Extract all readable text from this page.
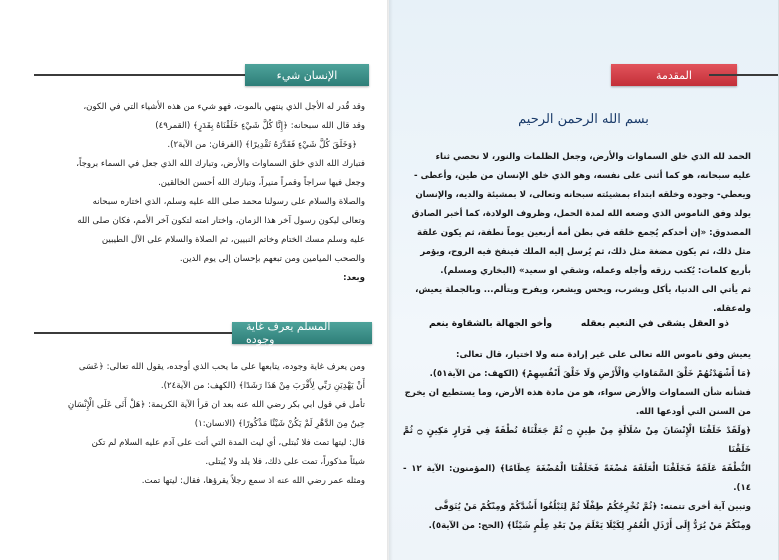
الإنسان شيء

وقد قُدر له الأجل الذي ينتهي بالموت، فهو شيء من هذه الأشياء التي في الكون،

وقد قال الله سبحانه: ﴿إِنَّا كُلَّ شَيْءٍ خَلَقْنَاهُ بِقَدَرٍ﴾ (القمر٤٩)

﴿وَخَلَقَ كُلَّ شَيْءٍ فَقَدَّرَهُ تَقْدِيرًا﴾ (الفرقان: من الآية٢).

فتبارك الله الذي خلق السماوات والأرض، وتبارك الله الذي جعل في السماء بروجاً،

وجعل فيها سراجاً وقمراً منيراً، وتبارك الله أحسن الخالقين.

والصلاة والسلام على رسولنا محمد صلى الله عليه وسلم، الذي اختاره سبحانه

وتعالى ليكون رسول آخر هذا الزمان، واختار امته لتكون آخر الأمم، فكان صلى الله

عليه وسلم مسك الختام وخاتم النبيين، ثم الصلاة والسلام على الآل الطيبين

والصحب الميامين ومن تبعهم بإحسان إلى يوم الدين.

وبعد:

المسلم يعرف غاية وجوده

ومن يعرف غاية وجوده، يتابعها على ما يحب الذي أوجده، يقول الله تعالى: ﴿عَسَى

أَنْ يَهْدِيَنِ رَبِّي لِأَقْرَبَ مِنْ هَذَا رَشَدًا﴾ (الكهف: من الآية٢٤).

تأمل في قول ابي بكر رضي الله عنه بعد ان قرأ الآية الكريمة: ﴿هَلْ أَتَى عَلَى الْإِنْسَانِ

حِينٌ مِنَ الدَّهْرِ لَمْ يَكُنْ شَيْئًا مَذْكُورًا﴾ (الانسان:١)

قال: ليتها تمت فلا نُبتلى، أي ليت المدة التي أتت على آدم عليه السلام لم تكن

شيئاً مذكوراً، تمت على ذلك، فلا يلد ولا يُبتلى.

ومثله عمر رضي الله عنه اذ سمع رجلاً يقرؤها، فقال: ليتها تمت.

المقدمة
بسم الله الرحمن الرحيم

الحمد لله الذي خلق السماوات والأرض، وجعل الظلمات والنور، لا نحصي ثناء

عليه سبحانه، هو كما أثنى على نفسه، وهو الذي خلق الإنسان من طين، وأعطى -

ويعطي- وجوده وخلقه ابتداء بمشيئته سبحانه وتعالى، لا بمشيئة والديه، والإنسان

يولد وفق الناموس الذي وضعه الله لمدة الحمل، وظروف الولادة، كما أخبر الصادق

المصدوق: «إن أحدكم يُجمع خلقه في بطن أمه أربعين يوماً نطفة، ثم يكون علقة

مثل ذلك، ثم يكون مضغة مثل ذلك، ثم يُرسل إليه الملك فينفخ فيه الروح، ويؤمر

بأربع كلمات: يُكتب رزقه وأجله وعمله، وشقي او سعيد» (البخاري ومسلم).

ثم يأتي الى الدنيا، يأكل ويشرب، ويحس ويشعر، ويفرح ويتألم... وبالجملة يعيش،

وله‌عقله.

ذو العقل يشقى في النعيم بعقله
وأخو الجهالة بالشقاوة ينعم

يعيش وفق ناموس الله تعالى على غير إرادة منه ولا اختيار، قال تعالى:

﴿مَا أَشْهَدْتُهُمْ خَلْقَ السَّمَاوَاتِ وَالْأَرْضِ وَلَا خَلْقَ أَنْفُسِهِمْ﴾ (الكهف: من الآية٥١).

فشأنه شأن السماوات والأرض سواء، هو من مادة هذه الأرض، وما يستطيع ان يخرج

من السنن التي أودعها الله.

﴿وَلَقَدْ خَلَقْنَا الْإِنْسَانَ مِنْ سُلَالَةٍ مِنْ طِينٍ ۝ ثُمَّ جَعَلْنَاهُ نُطْفَةً فِي قَرَارٍ مَكِينٍ ۝ ثُمَّ خَلَقْنَا

النُّطْفَةَ عَلَقَةً فَخَلَقْنَا الْعَلَقَةَ مُضْغَةً فَخَلَقْنَا الْمُضْغَةَ عِظَامًا﴾ (المؤمنون: الآية ١٢ - ١٤).

وتبين آية أخرى تتمته: ﴿ثُمَّ نُخْرِجُكُمْ طِفْلًا ثُمَّ لِتَبْلُغُوا أَشُدَّكُمْ وَمِنْكُمْ مَنْ يُتَوَفَّى

وَمِنْكُمْ مَنْ يُرَدُّ إِلَى أَرْذَلِ الْعُمُرِ لِكَيْلَا يَعْلَمَ مِنْ بَعْدِ عِلْمٍ شَيْئًا﴾ (الحج: من الآية٥).
